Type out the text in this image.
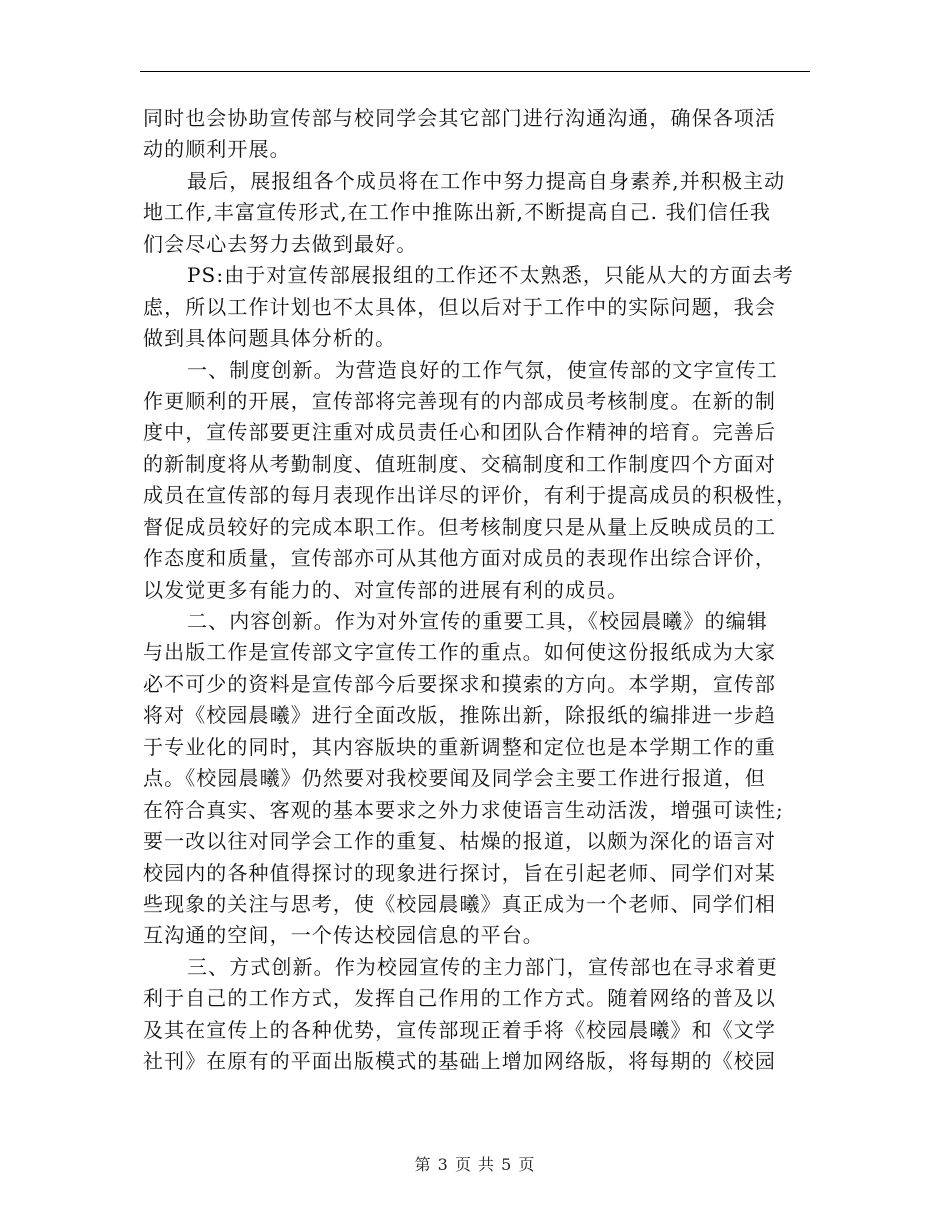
同时也会协助宣传部与校同学会其它部门进行沟通沟通，确保各项活
动的顺利开展。
最后，展报组各个成员将在工作中努力提高自身素养,并积极主动
地工作,丰富宣传形式,在工作中推陈出新,不断提高自己. 我们信任我
们会尽心去努力去做到最好。
PS:由于对宣传部展报组的工作还不太熟悉，只能从大的方面去考
虑，所以工作计划也不太具体，但以后对于工作中的实际问题，我会
做到具体问题具体分析的。
一、制度创新。为营造良好的工作气氛，使宣传部的文字宣传工
作更顺利的开展，宣传部将完善现有的内部成员考核制度。在新的制
度中，宣传部要更注重对成员责任心和团队合作精神的培育。完善后
的新制度将从考勤制度、值班制度、交稿制度和工作制度四个方面对
成员在宣传部的每月表现作出详尽的评价，有利于提高成员的积极性，
督促成员较好的完成本职工作。但考核制度只是从量上反映成员的工
作态度和质量，宣传部亦可从其他方面对成员的表现作出综合评价，
以发觉更多有能力的、对宣传部的进展有利的成员。
二、内容创新。作为对外宣传的重要工具，《校园晨曦》的编辑
与出版工作是宣传部文字宣传工作的重点。如何使这份报纸成为大家
必不可少的资料是宣传部今后要探求和摸索的方向。本学期，宣传部
将对《校园晨曦》进行全面改版，推陈出新，除报纸的编排进一步趋
于专业化的同时，其内容版块的重新调整和定位也是本学期工作的重
点。《校园晨曦》仍然要对我校要闻及同学会主要工作进行报道，但
在符合真实、客观的基本要求之外力求使语言生动活泼，增强可读性;
要一改以往对同学会工作的重复、枯燥的报道，以颇为深化的语言对
校园内的各种值得探讨的现象进行探讨，旨在引起老师、同学们对某
些现象的关注与思考，使《校园晨曦》真正成为一个老师、同学们相
互沟通的空间，一个传达校园信息的平台。
三、方式创新。作为校园宣传的主力部门，宣传部也在寻求着更
利于自己的工作方式，发挥自己作用的工作方式。随着网络的普及以
及其在宣传上的各种优势，宣传部现正着手将《校园晨曦》和《文学
社刊》在原有的平面出版模式的基础上增加网络版，将每期的《校园
第 3 页 共 5 页
